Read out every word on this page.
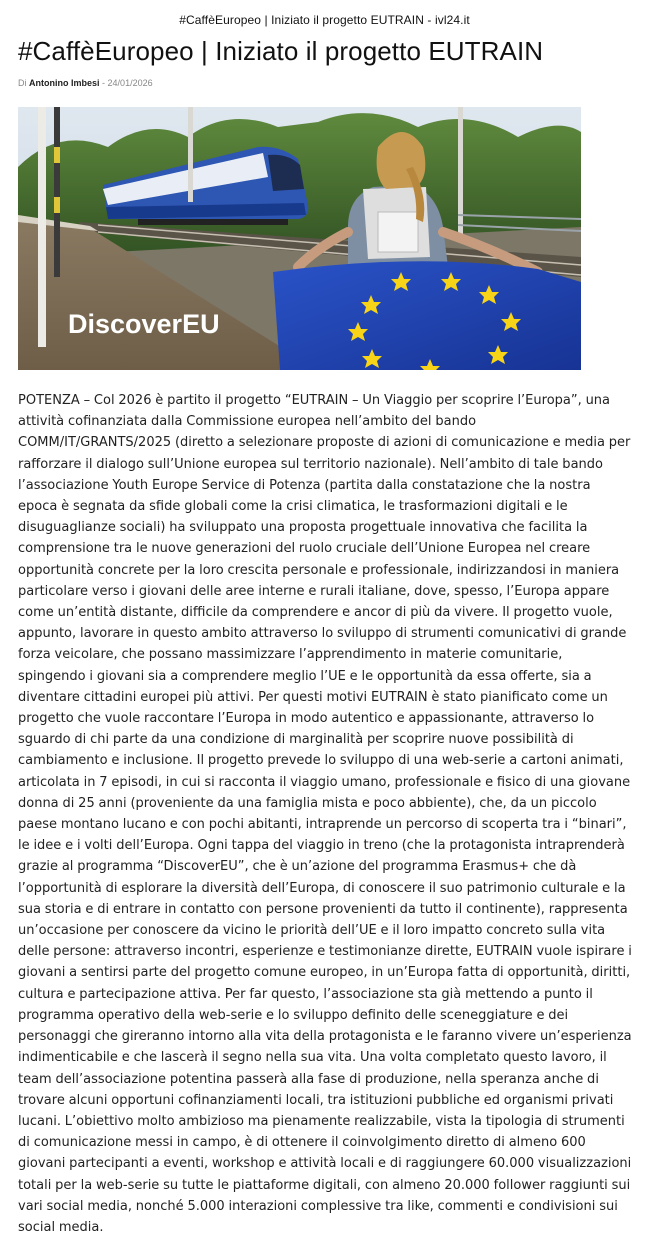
#CaffèEuropeo | Iniziato il progetto EUTRAIN - ivl24.it
#CaffèEuropeo | Iniziato il progetto EUTRAIN
Di Antonino Imbesi - 24/01/2026
DiscoverEU

POTENZA – Col 2026 è partito il progetto “EUTRAIN – Un Viaggio per scoprire l’Europa”, una attività cofinanziata dalla Commissione europea nell’ambito del bando COMM/IT/GRANTS/2025 (diretto a selezionare proposte di azioni di comunicazione e media per rafforzare il dialogo sull’Unione europea sul territorio nazionale). Nell’ambito di tale bando l’associazione Youth Europe Service di Potenza (partita dalla constatazione che la nostra epoca è segnata da sfide globali come la crisi climatica, le trasformazioni digitali e le disuguaglianze sociali) ha sviluppato una proposta progettuale innovativa che facilita la comprensione tra le nuove generazioni del ruolo cruciale dell’Unione Europea nel creare opportunità concrete per la loro crescita personale e professionale, indirizzandosi in maniera particolare verso i giovani delle aree interne e rurali italiane, dove, spesso, l’Europa appare come un’entità distante, difficile da comprendere e ancor di più da vivere. Il progetto vuole, appunto, lavorare in questo ambito attraverso lo sviluppo di strumenti comunicativi di grande forza veicolare, che possano massimizzare l’apprendimento in materie comunitarie, spingendo i giovani sia a comprendere meglio l’UE e le opportunità da essa offerte, sia a diventare cittadini europei più attivi. Per questi motivi EUTRAIN è stato pianificato come un progetto che vuole raccontare l’Europa in modo autentico e appassionante, attraverso lo sguardo di chi parte da una condizione di marginalità per scoprire nuove possibilità di cambiamento e inclusione. Il progetto prevede lo sviluppo di una web-serie a cartoni animati, articolata in 7 episodi, in cui si racconta il viaggio umano, professionale e fisico di una giovane donna di 25 anni (proveniente da una famiglia mista e poco abbiente), che, da un piccolo paese montano lucano e con pochi abitanti, intraprende un percorso di scoperta tra i “binari”, le idee e i volti dell’Europa. Ogni tappa del viaggio in treno (che la protagonista intraprenderà grazie al programma “DiscoverEU”, che è un’azione del programma Erasmus+ che dà l’opportunità di esplorare la diversità dell’Europa, di conoscere il suo patrimonio culturale e la sua storia e di entrare in contatto con persone provenienti da tutto il continente), rappresenta un’occasione per conoscere da vicino le priorità dell’UE e il loro impatto concreto sulla vita delle persone: attraverso incontri, esperienze e testimonianze dirette, EUTRAIN vuole ispirare i giovani a sentirsi parte del progetto comune europeo, in un’Europa fatta di opportunità, diritti, cultura e partecipazione attiva. Per far questo, l’associazione sta già mettendo a punto il programma operativo della web-serie e lo sviluppo definito delle sceneggiature e dei personaggi che gireranno intorno alla vita della protagonista e le faranno vivere un’esperienza indimenticabile e che lascerà il segno nella sua vita. Una volta completato questo lavoro, il team dell’associazione potentina passerà alla fase di produzione, nella speranza anche di trovare alcuni opportuni cofinanziamenti locali, tra istituzioni pubbliche ed organismi privati lucani. L’obiettivo molto ambizioso ma pienamente realizzabile, vista la tipologia di strumenti di comunicazione messi in campo, è di ottenere il coinvolgimento diretto di almeno 600 giovani partecipanti a eventi, workshop e attività locali e di raggiungere 60.000 visualizzazioni totali per la web-serie su tutte le piattaforme digitali, con almeno 20.000 follower raggiunti sui vari social media, nonché 5.000 interazioni complessive tra like, commenti e condivisioni sui social media.
